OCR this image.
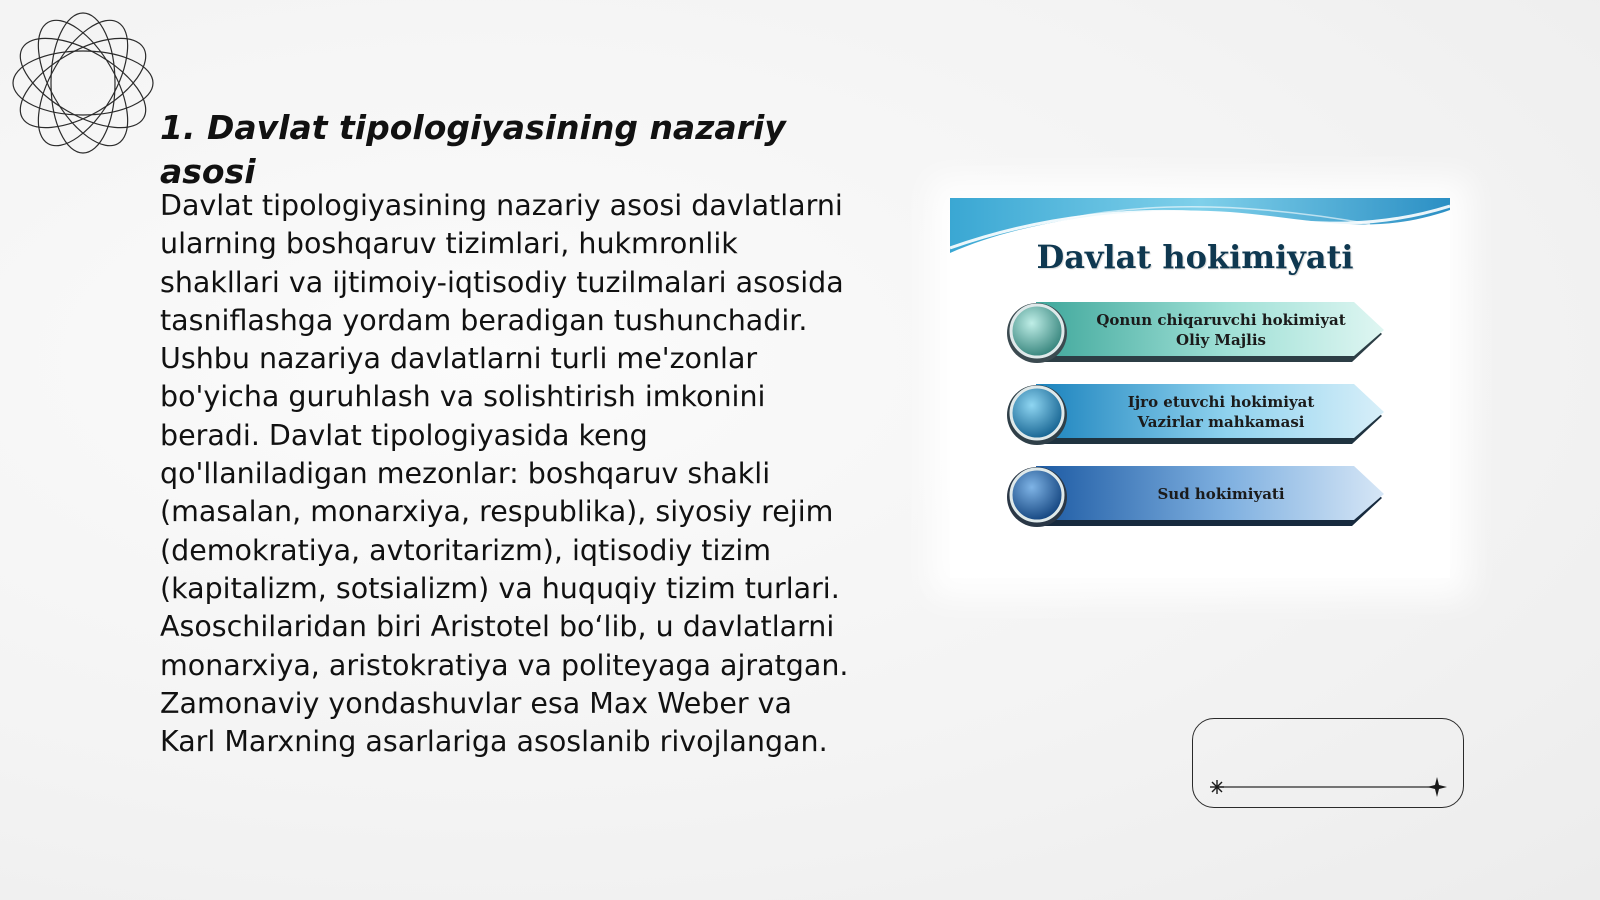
1. Davlat tipologiyasining nazariy asosi

Davlat tipologiyasining nazariy asosi davlatlarni ularning boshqaruv tizimlari, hukmronlik shakllari va ijtimoiy-iqtisodiy tuzilmalari asosida tasniflashga yordam beradigan tushunchadir. Ushbu nazariya davlatlarni turli me'zonlar bo'yicha guruhlash va solishtirish imkonini beradi. Davlat tipologiyasida keng qo'llaniladigan mezonlar: boshqaruv shakli (masalan, monarxiya, respublika), siyosiy rejim (demokratiya, avtoritarizm), iqtisodiy tizim (kapitalizm, sotsializm) va huquqiy tizim turlari. Asoschilaridan biri Aristotel bo‘lib, u davlatlarni monarxiya, aristokratiya va politeyaga ajratgan. Zamonaviy yondashuvlar esa Max Weber va Karl Marxning asarlariga asoslanib rivojlangan.

Davlat hokimiyati
Qonun chiqaruvchi hokimiyat
Oliy Majlis
Ijro etuvchi hokimiyat
Vazirlar mahkamasi
Sud hokimiyati
